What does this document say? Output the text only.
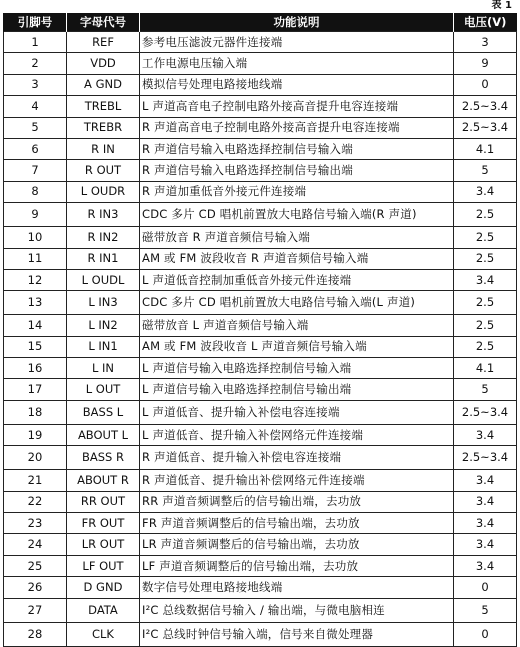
表 1
引脚号	字母代号	功能说明	电压(V)
1	REF	参考电压滤波元器件连接端	3
2	VDD	工作电源电压输入端	9
3	A GND	模拟信号处理电路接地线端	0
4	TREBL	L 声道高音电子控制电路外接高音提升电容连接端	2.5~3.4
5	TREBR	R 声道高音电子控制电路外接高音提升电容连接端	2.5~3.4
6	R IN	R 声道信号输入电路选择控制信号输入端	4.1
7	R OUT	R 声道信号输入电路选择控制信号输出端	5
8	L OUDR	R 声道加重低音外接元件连接端	3.4
9	R IN3	CDC 多片 CD 唱机前置放大电路信号输入端(R 声道)	2.5
10	R IN2	磁带放音 R 声道音频信号输入端	2.5
11	R IN1	AM 或 FM 波段收音 R 声道音频信号输入端	2.5
12	L OUDL	L 声道低音控制加重低音外接元件连接端	3.4
13	L IN3	CDC 多片 CD 唱机前置放大电路信号输入端(L 声道)	2.5
14	L IN2	磁带放音 L 声道音频信号输入端	2.5
15	L IN1	AM 或 FM 波段收音 L 声道音频信号输入端	2.5
16	L IN	L 声道信号输入电路选择控制信号输入端	4.1
17	L OUT	L 声道信号输入电路选择控制信号输出端	5
18	BASS L	L 声道低音、提升输入补偿电容连接端	2.5~3.4
19	ABOUT L	L 声道低音、提升输入补偿网络元件连接端	3.4
20	BASS R	R 声道低音、提升输入补偿电容连接端	2.5~3.4
21	ABOUT R	R 声道低音、提升输出补偿网络元件连接端	3.4
22	RR OUT	RR 声道音频调整后的信号输出端，去功放	3.4
23	FR OUT	FR 声道音频调整后的信号输出端，去功放	3.4
24	LR OUT	LR 声道音频调整后的信号输出端，去功放	3.4
25	LF OUT	LF 声道音频调整后的信号输出端，去功放	3.4
26	D GND	数字信号处理电路接地线端	0
27	DATA	I²C 总线数据信号输入 / 输出端，与微电脑相连	5
28	CLK	I²C 总线时钟信号输入端，信号来自微处理器	0
